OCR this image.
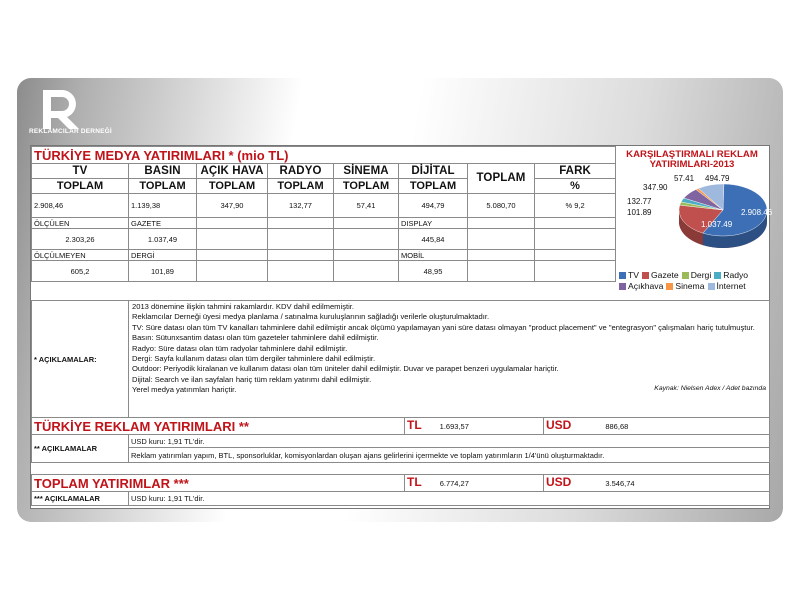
REKLAMCILAR DERNEĞİ
TÜRKİYE MEDYA YATIRIMLARI * (mio TL)							
TV	BASIN	AÇIK HAVA	RADYO	SİNEMA	DİJİTAL	TOPLAM	FARK
TOPLAM	TOPLAM	TOPLAM	TOPLAM	TOPLAM	TOPLAM		%
2.908,46	1.139,38	347,90	132,77	57,41	494,79	5.080,70	% 9,2
ÖLÇÜLEN	GAZETE				DISPLAY		
2.303,26	1.037,49				445,84		
ÖLÇÜLMEYEN	DERGİ				MOBİL		
605,2	101,89				48,95		
KARŞILAŞTIRMALI REKLAM YATIRIMLARI-2013
2.908.46
1.037.49
101.89
132.77
347.90
57.41 494.79
TV Gazete Dergi RadyoAçıkhava Sinema İnternet
* AÇIKLAMALAR:	
2013 dönemine ilişkin tahmini rakamlardır. KDV dahil edilmemiştir.
Reklamcılar Derneği üyesi medya planlama / satınalma kuruluşlarının sağladığı verilerle oluşturulmaktadır.
TV: Süre datası olan tüm TV kanalları tahminlere dahil edilmiştir ancak ölçümü yapılamayan yani süre datası olmayan "product placement" ve "entegrasyon" çalışmaları hariç tutulmuştur.
Basın: Sütunxsantim datası olan tüm gazeteler tahminlere dahil edilmiştir.
Radyo: Süre datası olan tüm radyolar tahminlere dahil edilmiştir.
Dergi: Sayfa kullanım datası olan tüm dergiler tahminlere dahil edilmiştir.
Outdoor: Periyodik kiralanan ve kullanım datası olan tüm üniteler dahil edilmiştir. Duvar ve parapet benzeri uygulamalar hariçtir.
Dijital: Search ve ilan sayfaları hariç tüm reklam yatırımı dahil edilmiştir.
Yerel medya yatırımları hariçtir.	Kaynak: Nielsen Adex / Adet bazında
TÜRKİYE REKLAM YATIRIMLARI **		TL 1.693,57	USD 886,68
** AÇIKLAMALAR	USD kuru: 1,91 TL'dir.		
	Reklam yatırımları yapım, BTL, sponsorluklar, komisyonlardan oluşan ajans gelirlerini içermekte ve toplam yatırımların 1/4'ünü oluşturmaktadır.		
TOPLAM YATIRIMLAR ***		TL 6.774,27	USD 3.546,74
*** AÇIKLAMALAR	USD kuru: 1,91 TL'dir.		
